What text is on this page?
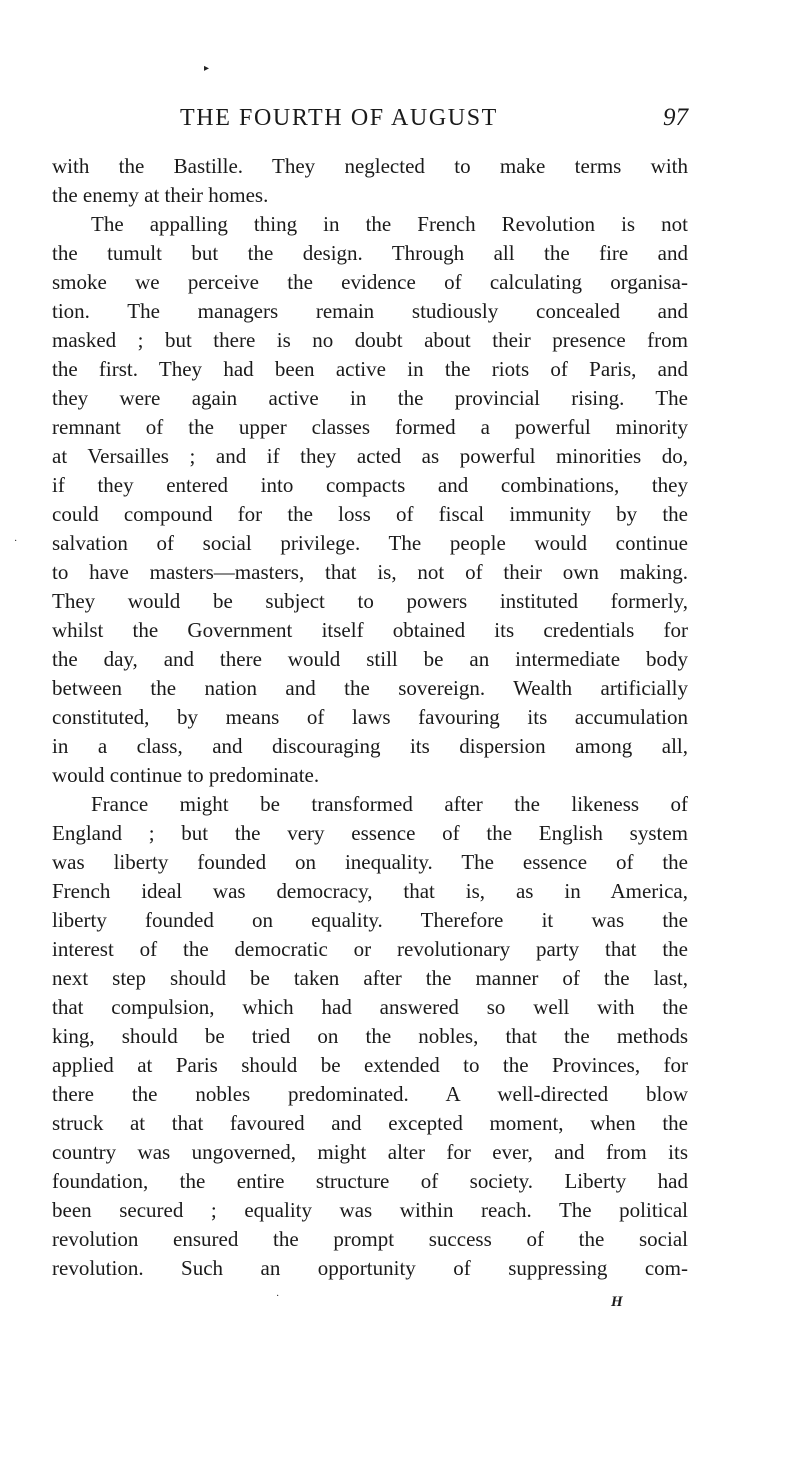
▸
·
·
THE FOURTH OF AUGUST	97
with the Bastille. They neglected to make terms with
the enemy at their homes.
The appalling thing in the French Revolution is not
the tumult but the design. Through all the fire and
smoke we perceive the evidence of calculating organisa-
tion. The managers remain studiously concealed and
masked ; but there is no doubt about their presence from
the first. They had been active in the riots of Paris, and
they were again active in the provincial rising. The
remnant of the upper classes formed a powerful minority
at Versailles ; and if they acted as powerful minorities do,
if they entered into compacts and combinations, they
could compound for the loss of fiscal immunity by the
salvation of social privilege. The people would continue
to have masters—masters, that is, not of their own making.
They would be subject to powers instituted formerly,
whilst the Government itself obtained its credentials for
the day, and there would still be an intermediate body
between the nation and the sovereign. Wealth artificially
constituted, by means of laws favouring its accumulation
in a class, and discouraging its dispersion among all,
would continue to predominate.
France might be transformed after the likeness of
England ; but the very essence of the English system
was liberty founded on inequality. The essence of the
French ideal was democracy, that is, as in America,
liberty founded on equality. Therefore it was the
interest of the democratic or revolutionary party that the
next step should be taken after the manner of the last,
that compulsion, which had answered so well with the
king, should be tried on the nobles, that the methods
applied at Paris should be extended to the Provinces, for
there the nobles predominated. A well-directed blow
struck at that favoured and excepted moment, when the
country was ungoverned, might alter for ever, and from its
foundation, the entire structure of society. Liberty had
been secured ; equality was within reach. The political
revolution ensured the prompt success of the social
revolution. Such an opportunity of suppressing com-
H
